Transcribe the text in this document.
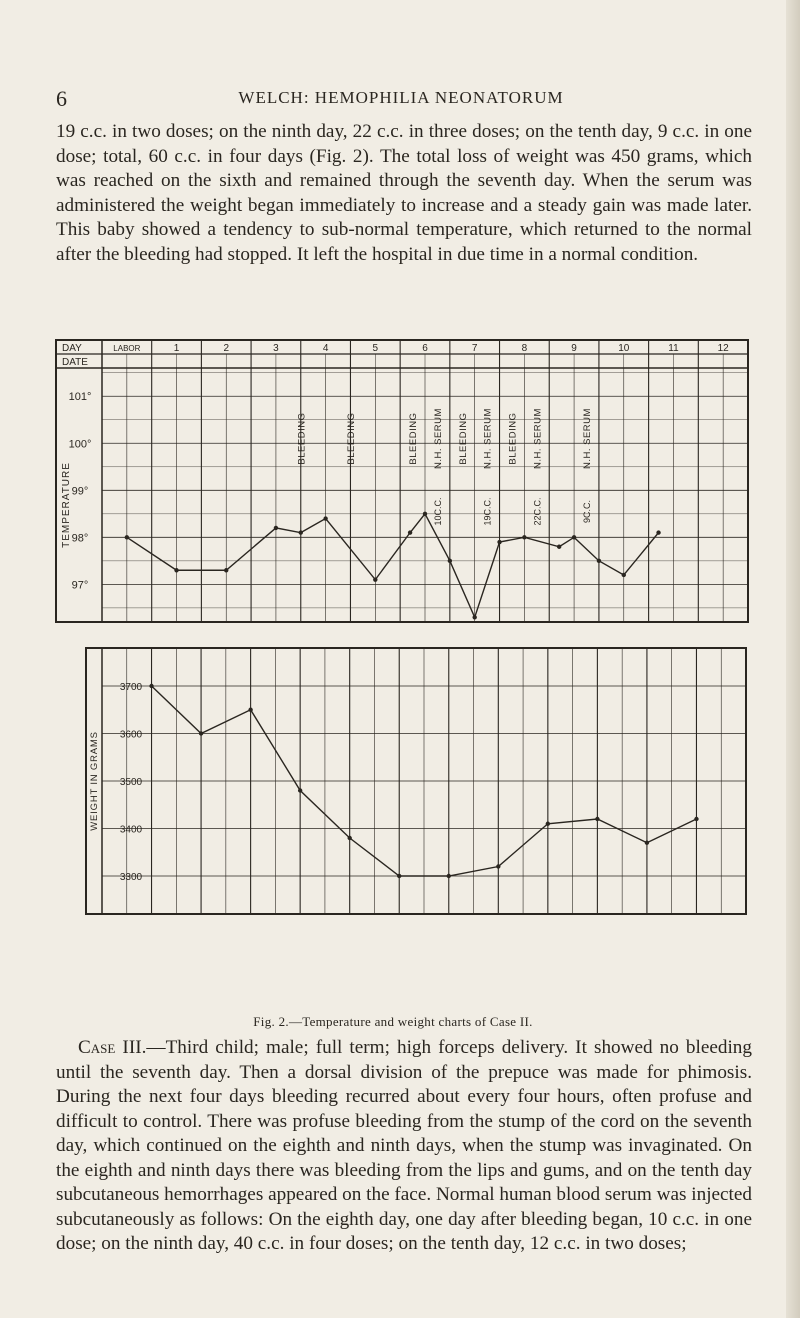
6	WELCH: HEMOPHILIA NEONATORUM

19 c.c. in two doses; on the ninth day, 22 c.c. in three doses; on the tenth day, 9 c.c. in one dose; total, 60 c.c. in four days (Fig. 2). The total loss of weight was 450 grams, which was reached on the sixth and remained through the seventh day. When the serum was administered the weight began immediately to increase and a steady gain was made later. This baby showed a tendency to sub-normal temperature, which returned to the normal after the bleeding had stopped. It left the hospital in due time in a normal condition.

DAY
DATE
LABOR	1	2	3	4	5	6	7	8	9	10	11	12
101°
100°
99°
98°
97°
TEMPERATURE
BLEEDING	BLEEDING	BLEEDING N.H. SERUM BLEEDING N.H. SERUM BLEEDING N.H. SERUM	N.H. SERUM
10C.C.	19C.C.	22C.C.	9C.C.
3700
3600
3500
3400
3300
WEIGHT IN GRAMS
Fig. 2.—Temperature and weight charts of Case II.

Case III.—Third child; male; full term; high forceps delivery. It showed no bleeding until the seventh day. Then a dorsal division of the prepuce was made for phimosis. During the next four days bleeding recurred about every four hours, often profuse and difficult to control. There was profuse bleeding from the stump of the cord on the seventh day, which continued on the eighth and ninth days, when the stump was invaginated. On the eighth and ninth days there was bleeding from the lips and gums, and on the tenth day subcutaneous hemorrhages appeared on the face. Normal human blood serum was injected subcutaneously as follows: On the eighth day, one day after bleeding began, 10 c.c. in one dose; on the ninth day, 40 c.c. in four doses; on the tenth day, 12 c.c. in two doses;
